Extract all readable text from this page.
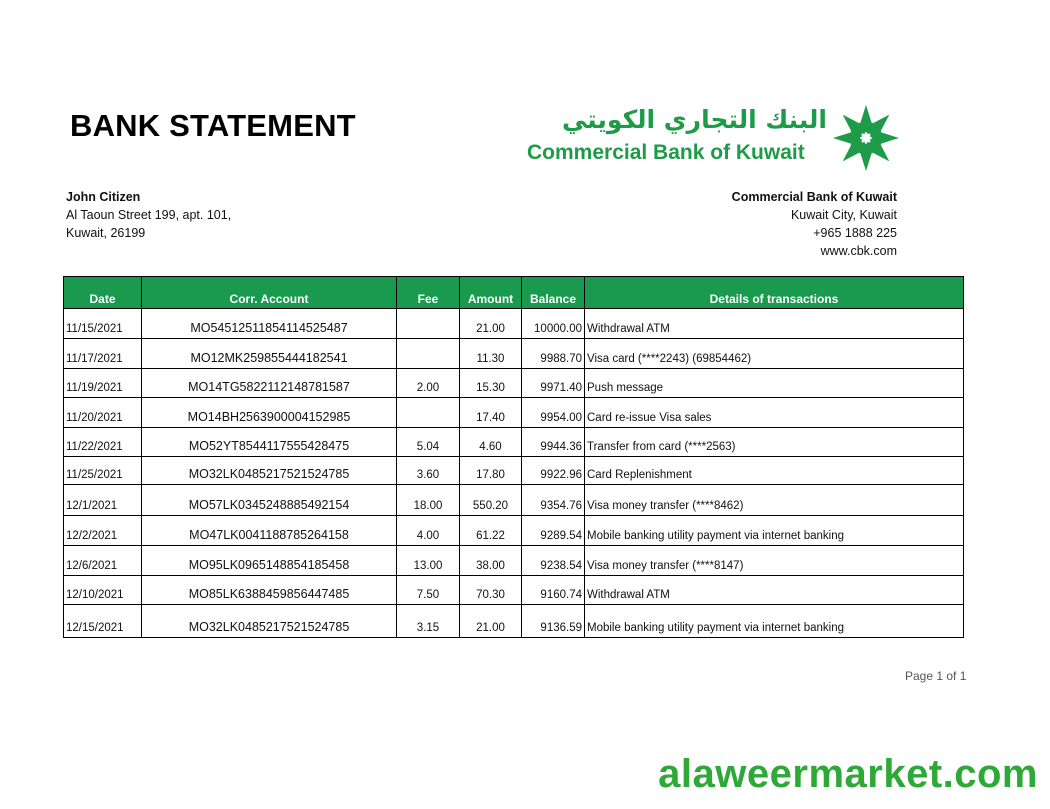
BANK STATEMENT	البنك التجاري الكويتي
Commercial Bank of Kuwait
John Citizen
Al Taoun Street 199, apt. 101,
Kuwait, 26199
Commercial Bank of Kuwait
Kuwait City, Kuwait
+965 1888 225
www.cbk.com
Date	Corr. Account	Fee	Amount	Balance	Details of transactions
11/15/2021	MO54512511854114525487		21.00	10000.00	Withdrawal ATM
11/17/2021	MO12MK259855444182541		11.30	9988.70	Visa card (****2243) (69854462)
11/19/2021	MO14TG5822112148781587	2.00	15.30	9971.40	Push message
11/20/2021	MO14BH2563900004152985		17.40	9954.00	Card re-issue Visa sales
11/22/2021	MO52YT8544117555428475	5.04	4.60	9944.36	Transfer from card (****2563)
11/25/2021	MO32LK0485217521524785	3.60	17.80	9922.96	Card Replenishment
12/1/2021	MO57LK0345248885492154	18.00	550.20	9354.76	Visa money transfer (****8462)
12/2/2021	MO47LK0041188785264158	4.00	61.22	9289.54	Mobile banking utility payment via internet banking
12/6/2021	MO95LK0965148854185458	13.00	38.00	9238.54	Visa money transfer (****8147)
12/10/2021	MO85LK6388459856447485	7.50	70.30	9160.74	Withdrawal ATM
12/15/2021	MO32LK0485217521524785	3.15	21.00	9136.59	Mobile banking utility payment via internet banking
Page 1 of 1
alaweermarket.com
